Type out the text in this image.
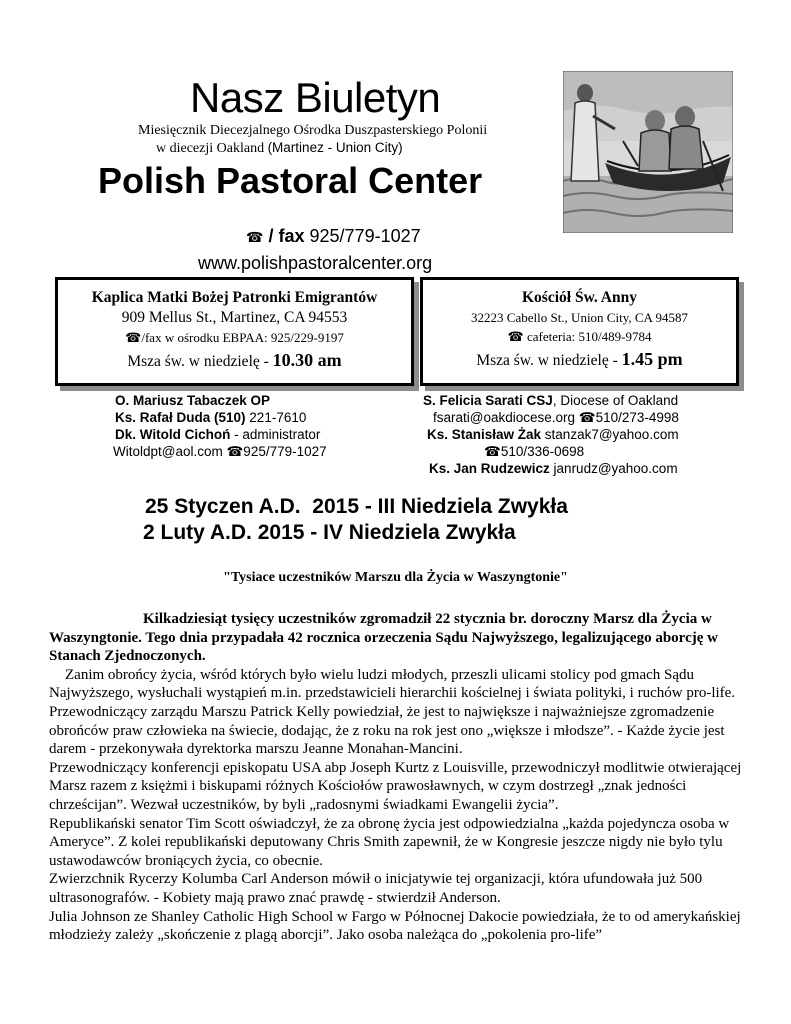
Nasz Biuletyn
Miesięcznik Diecezjalnego Ośrodka Duszpasterskiego Polonii
w diecezji Oakland (Martinez - Union City)
Polish Pastoral Center
☎ / fax 925/779-1027
www.polishpastoralcenter.org
Kaplica Matki Bożej Patronki Emigrantów
909 Mellus St., Martinez, CA 94553
☎/fax w ośrodku EBPAA: 925/229-9197
Msza św. w niedzielę - 10.30 am
Kościół Św. Anny
32223 Cabello St., Union City, CA 94587
☎ cafeteria: 510/489-9784
Msza św. w niedzielę - 1.45 pm
O. Mariusz Tabaczek OP
Ks. Rafał Duda (510) 221-7610
Dk. Witold Cichoń - administrator
Witoldpt@aol.com ☎925/779-1027
S. Felicia Sarati CSJ, Diocese of Oakland
fsarati@oakdiocese.org ☎510/273-4998
Ks. Stanisław Żak stanzak7@yahoo.com
☎510/336-0698
Ks. Jan Rudzewicz janrudz@yahoo.com
25 Styczen A.D.  2015 - III Niedziela Zwykła
2 Luty A.D. 2015 - IV Niedziela Zwykła
"Tysiace uczestników Marszu dla Życia w Waszyngtonie"

Kilkadziesiąt tysięcy uczestników zgromadził 22 stycznia br. doroczny Marsz dla Życia w Waszyngtonie. Tego dnia przypadała 42 rocznica orzeczenia Sądu Najwyższego, legalizującego aborcję w Stanach Zjednoczonych.

Zanim obrońcy życia, wśród których było wielu ludzi młodych, przeszli ulicami stolicy pod gmach Sądu Najwyższego, wysłuchali wystąpień m.in. przedstawicieli hierarchii kościelnej i świata polityki, i ruchów pro-life.

Przewodniczący zarządu Marszu Patrick Kelly powiedział, że jest to największe i najważniejsze zgromadzenie obrońców praw człowieka na świecie, dodając, że z roku na rok jest ono „większe i młodsze”. - Każde życie jest darem - przekonywała dyrektorka marszu Jeanne Monahan-Mancini.

Przewodniczący konferencji episkopatu USA abp Joseph Kurtz z Louisville, przewodniczył modlitwie otwierającej Marsz razem z księżmi i biskupami różnych Kościołów prawosławnych, w czym dostrzegł „znak jedności chrześcijan”. Wezwał uczestników, by byli „radosnymi świadkami Ewangelii życia”.

Republikański senator Tim Scott oświadczył, że za obronę życia jest odpowiedzialna „każda pojedyncza osoba w Ameryce”. Z kolei republikański deputowany Chris Smith zapewnił, że w Kongresie jeszcze nigdy nie było tylu ustawodawców broniących życia, co obecnie.

Zwierzchnik Rycerzy Kolumba Carl Anderson mówił o inicjatywie tej organizacji, która ufundowała już 500 ultrasonografów. - Kobiety mają prawo znać prawdę - stwierdził Anderson.

Julia Johnson ze Shanley Catholic High School w Fargo w Północnej Dakocie powiedziała, że to od amerykańskiej młodzieży zależy „skończenie z plagą aborcji”. Jako osoba należąca do „pokolenia pro-life”
